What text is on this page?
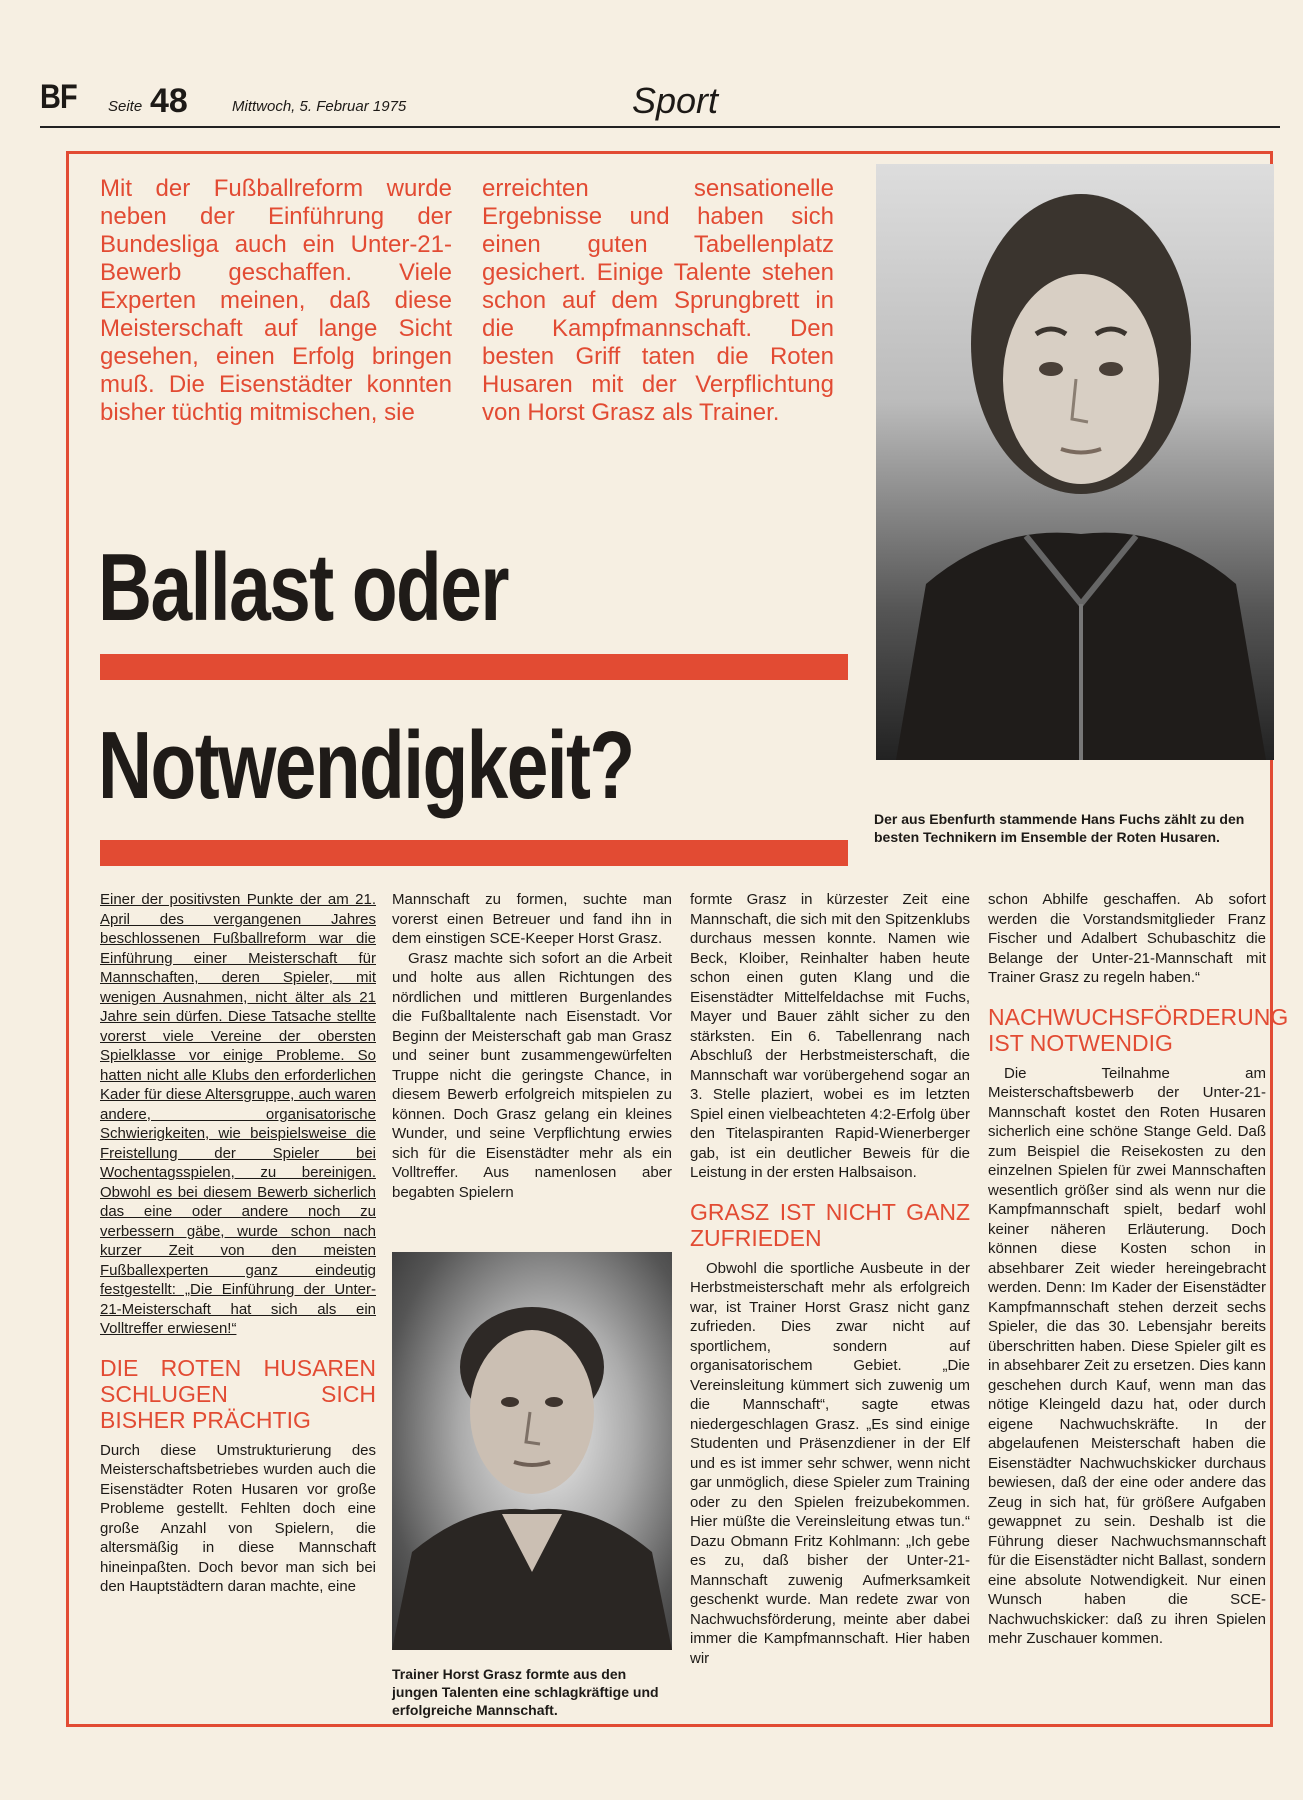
BF Seite 48	Mittwoch, 5. Februar 1975	Sport
Mit der Fußballreform wurde neben der Einführung der Bundesliga auch ein Unter-21-Bewerb geschaffen. Viele Experten meinen, daß diese Meisterschaft auf lange Sicht gesehen, einen Erfolg bringen muß. Die Eisenstädter konnten bisher tüchtig mitmischen, sie
erreichten sensationelle Ergebnisse und haben sich einen guten Tabellenplatz gesichert. Einige Talente stehen schon auf dem Sprungbrett in die Kampfmannschaft. Den besten Griff taten die Roten Husaren mit der Verpflichtung von Horst Grasz als Trainer.
Der aus Ebenfurth stammende Hans Fuchs zählt zu den besten Technikern im Ensemble der Roten Husaren.
Ballast oder
Notwendigkeit?

Einer der positivsten Punkte der am 21. April des vergangenen Jahres beschlossenen Fußballreform war die Einführung einer Meisterschaft für Mannschaften, deren Spieler, mit wenigen Ausnahmen, nicht älter als 21 Jahre sein dürfen. Diese Tatsache stellte vorerst viele Vereine der obersten Spielklasse vor einige Probleme. So hatten nicht alle Klubs den erforderlichen Kader für diese Altersgruppe, auch waren andere, organisatorische Schwierigkeiten, wie beispielsweise die Freistellung der Spieler bei Wochentagsspielen, zu bereinigen. Obwohl es bei diesem Bewerb sicherlich das eine oder andere noch zu verbessern gäbe, wurde schon nach kurzer Zeit von den meisten Fußballexperten ganz eindeutig festgestellt: „Die Einführung der Unter-21-Meisterschaft hat sich als ein Volltreffer erwiesen!“

DIE ROTEN HUSAREN SCHLUGEN SICH BISHER PRÄCHTIG

Durch diese Umstrukturierung des Meisterschaftsbetriebes wurden auch die Eisenstädter Roten Husaren vor große Probleme gestellt. Fehlten doch eine große Anzahl von Spielern, die altersmäßig in diese Mannschaft hineinpaßten. Doch bevor man sich bei den Hauptstädtern daran machte, eine

Mannschaft zu formen, suchte man vorerst einen Betreuer und fand ihn in dem einstigen SCE-Keeper Horst Grasz.

Grasz machte sich sofort an die Arbeit und holte aus allen Richtungen des nördlichen und mittleren Burgenlandes die Fußballtalente nach Eisenstadt. Vor Beginn der Meisterschaft gab man Grasz und seiner bunt zusammengewürfelten Truppe nicht die geringste Chance, in diesem Bewerb erfolgreich mitspielen zu können. Doch Grasz gelang ein kleines Wunder, und seine Verpflichtung erwies sich für die Eisenstädter mehr als ein Volltreffer. Aus namenlosen aber begabten Spielern

Trainer Horst Grasz formte aus den jungen Talenten eine schlagkräftige und erfolgreiche Mannschaft.

formte Grasz in kürzester Zeit eine Mannschaft, die sich mit den Spitzenklubs durchaus messen konnte. Namen wie Beck, Kloiber, Reinhalter haben heute schon einen guten Klang und die Eisenstädter Mittelfeldachse mit Fuchs, Mayer und Bauer zählt sicher zu den stärksten. Ein 6. Tabellenrang nach Abschluß der Herbstmeisterschaft, die Mannschaft war vorübergehend sogar an 3. Stelle plaziert, wobei es im letzten Spiel einen vielbeachteten 4:2-Erfolg über den Titelaspiranten Rapid-Wienerberger gab, ist ein deutlicher Beweis für die Leistung in der ersten Halbsaison.

GRASZ IST NICHT GANZ ZUFRIEDEN

Obwohl die sportliche Ausbeute in der Herbstmeisterschaft mehr als erfolgreich war, ist Trainer Horst Grasz nicht ganz zufrieden. Dies zwar nicht auf sportlichem, sondern auf organisatorischem Gebiet. „Die Vereinsleitung kümmert sich zuwenig um die Mannschaft“, sagte etwas niedergeschlagen Grasz. „Es sind einige Studenten und Präsenzdiener in der Elf und es ist immer sehr schwer, wenn nicht gar unmöglich, diese Spieler zum Training oder zu den Spielen freizubekommen. Hier müßte die Vereinsleitung etwas tun.“ Dazu Obmann Fritz Kohlmann: „Ich gebe es zu, daß bisher der Unter-21-Mannschaft zuwenig Aufmerksamkeit geschenkt wurde. Man redete zwar von Nachwuchsförderung, meinte aber dabei immer die Kampfmannschaft. Hier haben wir

schon Abhilfe geschaffen. Ab sofort werden die Vorstandsmitglieder Franz Fischer und Adalbert Schubaschitz die Belange der Unter-21-Mannschaft mit Trainer Grasz zu regeln haben.“

NACHWUCHSFÖRDERUNG IST NOTWENDIG

Die Teilnahme am Meisterschaftsbewerb der Unter-21-Mannschaft kostet den Roten Husaren sicherlich eine schöne Stange Geld. Daß zum Beispiel die Reisekosten zu den einzelnen Spielen für zwei Mannschaften wesentlich größer sind als wenn nur die Kampfmannschaft spielt, bedarf wohl keiner näheren Erläuterung. Doch können diese Kosten schon in absehbarer Zeit wieder hereingebracht werden. Denn: Im Kader der Eisenstädter Kampfmannschaft stehen derzeit sechs Spieler, die das 30. Lebensjahr bereits überschritten haben. Diese Spieler gilt es in absehbarer Zeit zu ersetzen. Dies kann geschehen durch Kauf, wenn man das nötige Kleingeld dazu hat, oder durch eigene Nachwuchskräfte. In der abgelaufenen Meisterschaft haben die Eisenstädter Nachwuchskicker durchaus bewiesen, daß der eine oder andere das Zeug in sich hat, für größere Aufgaben gewappnet zu sein. Deshalb ist die Führung dieser Nachwuchsmannschaft für die Eisenstädter nicht Ballast, sondern eine absolute Notwendigkeit. Nur einen Wunsch haben die SCE-Nachwuchskicker: daß zu ihren Spielen mehr Zuschauer kommen.
